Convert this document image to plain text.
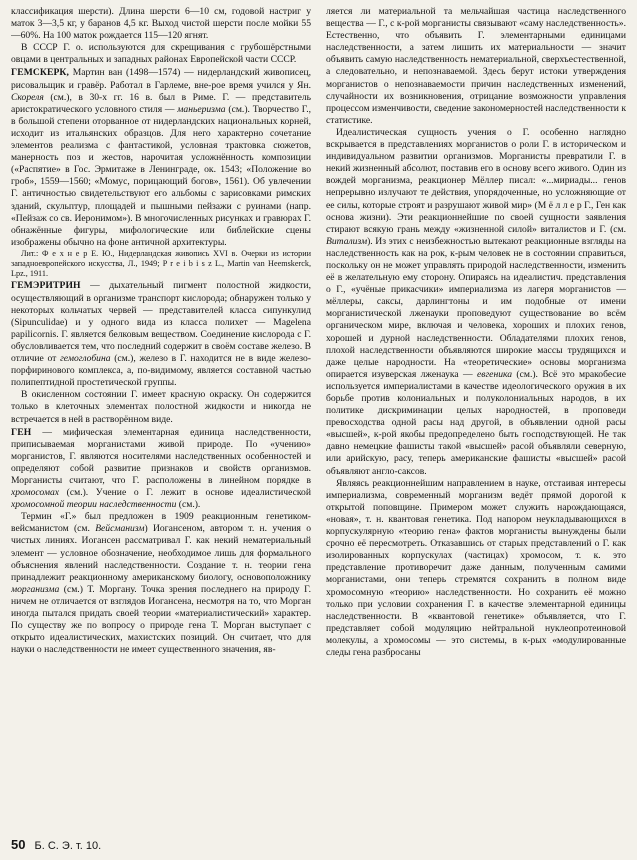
классификация шерсти). Длина шерсти 6—10 см, годовой настриг у маток 3—3,5 кг, у баранов 4,5 кг. Выход чистой шерсти после мойки 55—60%. На 100 маток рождается 115—120 ягнят.

В СССР Г. о. используются для скрещивания с грубошёрстными овцами в центральных и западных районах Европейской части СССР.

ГЕМСКЕРК, Мартин ван (1498—1574) — нидерландский живописец, рисовальщик и гравёр. Работал в Гарлеме, вне-рое время учился у Ян. Скореля (см.), в 30-х гг. 16 в. был в Риме. Г. — представитель аристократического условного стиля — маньеризма (см.). Творчество Г., в большой степени оторванное от нидерландских национальных корней, исходит из итальянских образцов. Для него характерно сочетание элементов реализма с фантастикой, условная трактовка сюжетов, манерность поз и жестов, нарочитая усложнённость композиции («Распятие» в Гос. Эрмитаже в Ленинграде, ок. 1543; «Положение во гроб», 1559—1560; «Момус, порицающий богов», 1561). Об увлечении Г. античностью свидетельствуют его альбомы с зарисовками римских зданий, скульптур, площадей и пышными пейзажи с руинами (напр. «Пейзаж со св. Иеронимом»). В многочисленных рисунках и гравюрах Г. обнажённые фигуры, мифологические или библейские сцены изображены обычно на фоне античной архитектуры.

Лит.: Ф е х н е р Е. Ю., Нидерландская живопись XVI в. Очерки из истории западноевропейского искусства, Л., 1949; P r e i b i s z L., Martin van Heemskerck, Lpz., 1911.

ГЕМЭРИТРИН — дыхательный пигмент полостной жидкости, осуществляющий в организме транспорт кислорода; обнаружен только у некоторых кольчатых червей — представителей класса сипункулид (Sipunculidae) и у одного вида из класса полихет — Magelena papilicornis. Г. является белковым веществом. Соединение кислорода с Г. обусловливается тем, что последний содержит в своём составе железо. В отличие от гемоглобина (см.), железо в Г. находится не в виде железо-порфиринового комплекса, а, по-видимому, является составной частью полипептидной простетической группы.

В окисленном состоянии Г. имеет красную окраску. Он содержится только в клеточных элементах полостной жидкости и никогда не встречается в ней в растворённом виде.

ГЕН — мифическая элементарная единица наследственности, приписываемая морганистами живой природе. По «учению» морганистов, Г. являются носителями наследственных особенностей и определяют собой развитие признаков и свойств организмов. Морганисты считают, что Г. расположены в линейном порядке в хромосомах (см.). Учение о Г. лежит в основе идеалистической хромосомной теории наследственности (см.).

Термин «Г.» был предложен в 1909 реакционным генетиком-вейсманистом (см. Вейсманизм) Иогансеном, автором т. н. учения о чистых линиях. Иогансен рассматривал Г. как некий нематериальный элемент — условное обозначение, необходимое лишь для формального объяснения явлений наследственности. Создание т. н. теории гена принадлежит реакционному американскому биологу, основоположнику морганизма (см.) Т. Моргану. Точка зрения последнего на природу Г. ничем не отличается от взглядов Иогансена, несмотря на то, что Морган иногда пытался придать своей теории «материалистический» характер. По существу же по вопросу о природе гена Т. Морган выступает с открыто идеалистических, махистских позиций. Он считает, что для науки о наследственности не имеет существенного значения, яв-

ляется ли материальной та мельчайшая частица наследственного вещества — Г., с к-рой морганисты связывают «саму наследственность». Естественно, что объявить Г. элементарными единицами наследственности, а затем лишить их материальности — значит объявить самую наследственность нематериальной, сверхъестественной, а следовательно, и непознаваемой. Здесь берут истоки утверждения морганистов о непознаваемости причин наследственных изменений, случайности их возникновения, отрицание возможности управления процессом изменчивости, сведение закономерностей наследственности к статистике.

Идеалистическая сущность учения о Г. особенно наглядно вскрывается в представлениях морганистов о роли Г. в историческом и индивидуальном развитии организмов. Морганисты превратили Г. в некий жизненный абсолют, поставив его в основу всего живого. Один из вождей морганизма, реакционер Мёллер писал: «...мириады... генов непрерывно излучают те действия, упорядоченные, но усложняющие от ее силы, которые строят и разрушают живой мир» (М ё л л е р Г., Ген как основа жизни). Эти реакционнейшие по своей сущности заявления стирают всякую грань между «жизненной силой» виталистов и Г. (см. Витализм). Из этих с неизбежностью вытекают реакционные взгляды на наследственность как на рок, к-рым человек не в состоянии справиться, поскольку он не может управлять природой наследственности, изменить её в желательную ему сторону. Опираясь на идеалистич. представления о Г., «учёные прикасчики» империализма из лагеря морганистов — мёллеры, саксы, дарлингтоны и им подобные от имени морганистической лженауки проповедуют существование во всём органическом мире, включая и человека, хороших и плохих генов, хорошей и дурной наследственности. Обладателями плохих генов, плохой наследственности объявляются широкие массы трудящихся и даже целые народности. На «теоретические» основы морганизма опирается изуверская лженаука — евгеника (см.). Всё это мракобесие используется империалистами в качестве идеологического оружия в их борьбе против колониальных и полуколониальных народов, в их политике дискриминации целых народностей, в проповеди превосходства одной расы над другой, в объявлении одной расы «высшей», к-рой якобы предопределено быть господствующей. Не так давно немецкие фашисты такой «высшей» расой объявляли северную, или арийскую, расу, теперь американские фашисты «высшей» расой объявляют англо-саксов.

Являясь реакционнейшим направлением в науке, отстаивая интересы империализма, современный морганизм ведёт прямой дорогой к открытой поповщине. Примером может служить нарождающаяся, «новая», т. н. квантовая генетика. Под напором неукладывающихся в корпускулярную «теорию гена» фактов морганисты вынуждены были срочно её пересмотреть. Отказавшись от старых представлений о Г. как изолированных корпускулах (частицах) хромосом, т. к. это представление противоречит даже данным, полученным самими морганистами, они теперь стремятся сохранить в полном виде хромосомную «теорию» наследственности. Но сохранить её можно только при условии сохранения Г. в качестве элементарной единицы наследственности. В «квантовой генетике» объявляется, что Г. представляет собой модуляцию нейтральной нуклеопротеиновой молекулы, а хромосомы — это системы, в к-рых «модулированные следы гена разбросаны

50 Б. С. Э. т. 10.
